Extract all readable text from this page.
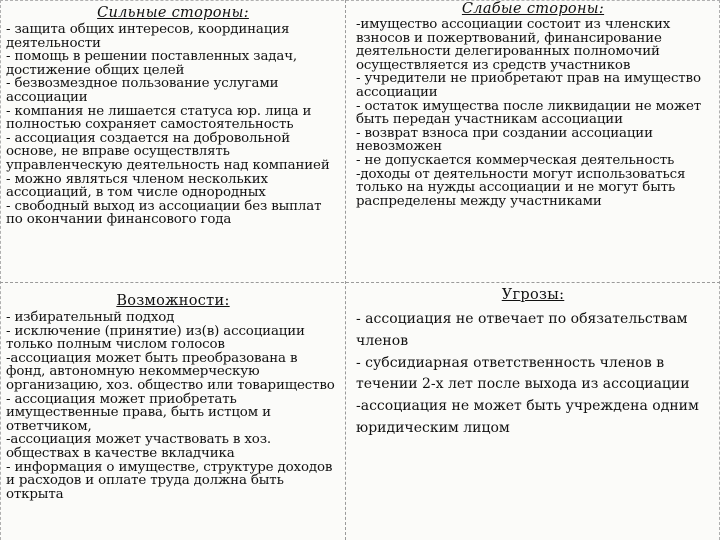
Сильные стороны:
- защита общих интересов, координация деятельности
- помощь в решении поставленных задач, достижение общих целей
- безвозмездное пользование услугами ассоциации
- компания не лишается статуса юр. лица и полностью сохраняет самостоятельность
- ассоциация создается на добровольной основе, не вправе осуществлять управленческую деятельность над компанией
- можно являться членом нескольких ассоциаций, в том числе однородных
- свободный выход из ассоциации без выплат по окончании финансового года
Слабые стороны:
-имущество ассоциации состоит из членских взносов и пожертвований, финансирование деятельности делегированных полномочий осуществляется из средств участников
- учредители не приобретают прав на имущество ассоциации
- остаток имущества после ликвидации не может быть передан участникам ассоциации
- возврат взноса при создании ассоциации невозможен
- не допускается коммерческая деятельность
-доходы от деятельности могут использоваться только на нужды ассоциации и не могут быть распределены между участниками
Возможности:
- избирательный подход
- исключение (принятие) из(в) ассоциации только полным числом голосов
-ассоциация может быть преобразована в фонд, автономную некоммерческую организацию, хоз. общество или товарищество
- ассоциация может приобретать имущественные права, быть истцом и ответчиком,
-ассоциация может участвовать в хоз. обществах в качестве вкладчика
- информация о имуществе, структуре доходов и расходов и оплате труда должна быть открыта
Угрозы:
- ассоциация не отвечает по обязательствам членов
- субсидиарная ответственность членов в течении 2-х лет после выхода из ассоциации
-ассоциация не может быть учреждена одним юридическим лицом
